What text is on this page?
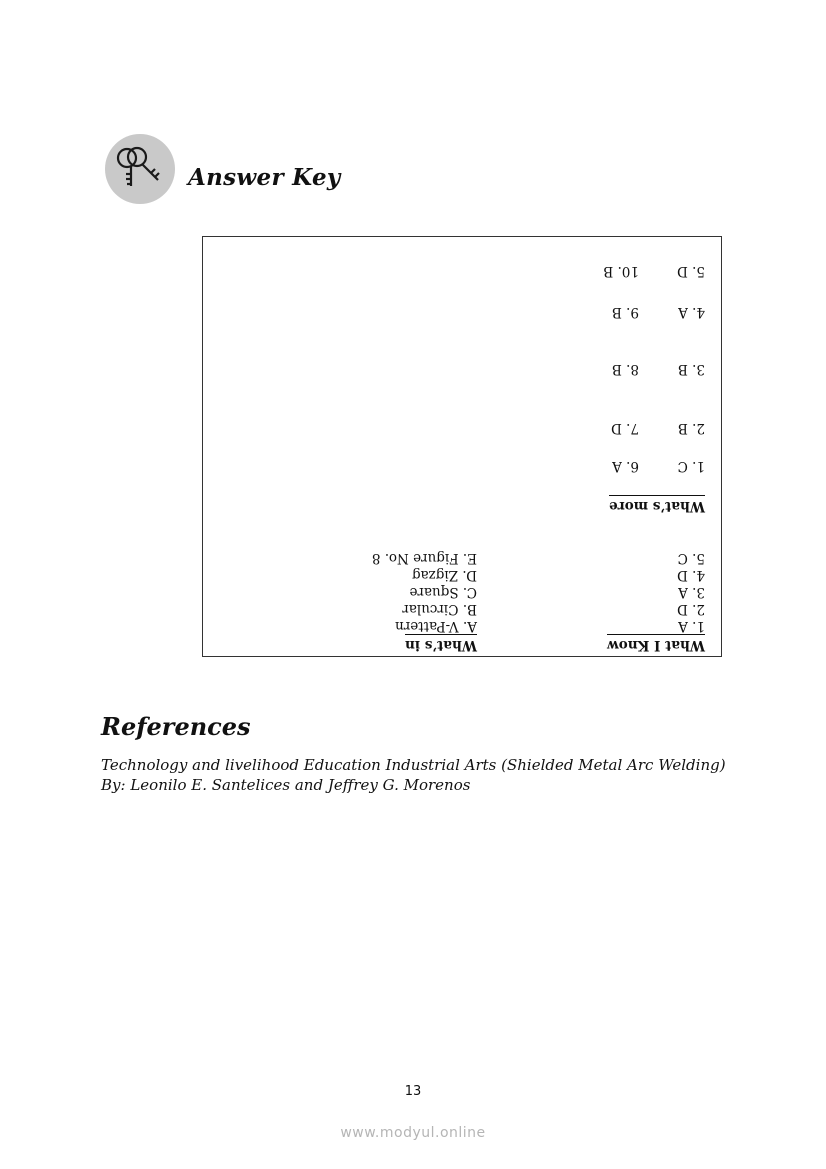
Answer Key
What I Know
1. A
2. D
3. A
4. D
5. C
What’s in
A. V-Pattern
B. Circular
C. Square
D. Zigzag
E. Figure No. 8
What’s more
1. C
2. B
3. B
4. A
5. D
6. A
7. D
8. B
9. B
10. B
References
Technology and livelihood Education Industrial Arts (Shielded Metal Arc Welding) By: Leonilo E. Santelices and Jeffrey G. Morenos
13
www.modyul.online
